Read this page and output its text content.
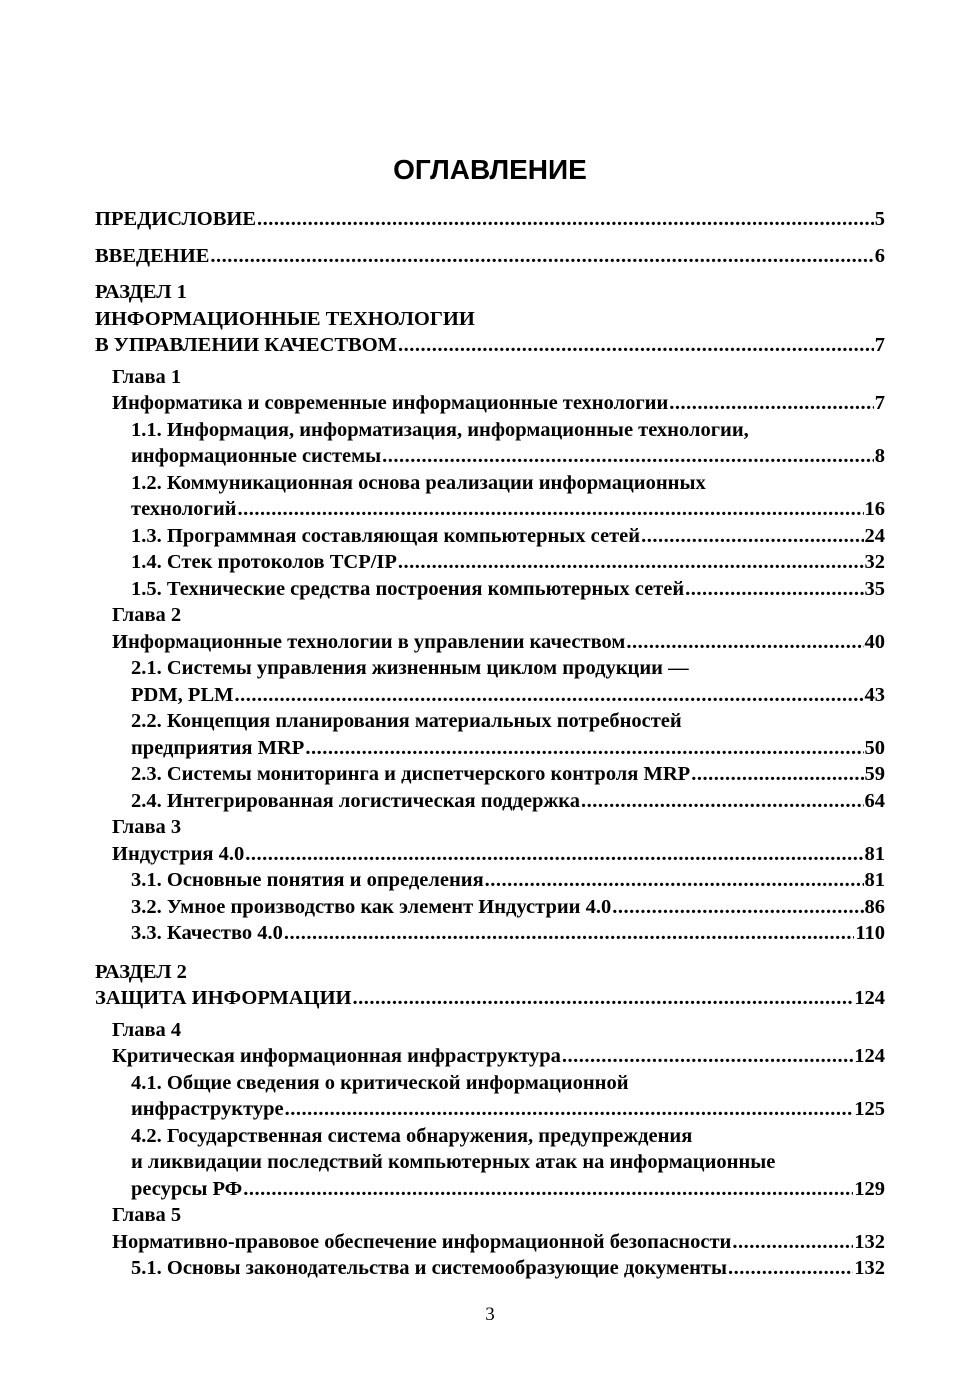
ОГЛАВЛЕНИЕ
ПРЕДИСЛОВИЕ .....	5
ВВЕДЕНИЕ .....	6
РАЗДЕЛ 1
ИНФОРМАЦИОННЫЕ ТЕХНОЛОГИИ
В УПРАВЛЕНИИ КАЧЕСТВОМ .....	7
Глава 1
Информатика и современные информационные технологии .....	7
1.1. Информация, информатизация, информационные технологии,
информационные системы .....	8
1.2. Коммуникационная основа реализации информационных
технологий .....	16
1.3. Программная составляющая компьютерных сетей .....	24
1.4. Стек протоколов TCP/IP .....	32
1.5. Технические средства построения компьютерных сетей .....	35
Глава 2
Информационные технологии в управлении качеством .....	40
2.1. Системы управления жизненным циклом продукции —
PDM, PLM .....	43
2.2. Концепция планирования материальных потребностей
предприятия MRP .....	50
2.3. Системы мониторинга и диспетчерского контроля MRP .....	59
2.4. Интегрированная логистическая поддержка .....	64
Глава 3
Индустрия 4.0 .....	81
3.1. Основные понятия и определения .....	81
3.2. Умное производство как элемент Индустрии 4.0 .....	86
3.3. Качество 4.0 .....	110
РАЗДЕЛ 2
ЗАЩИТА ИНФОРМАЦИИ .....	124
Глава 4
Критическая информационная инфраструктура .....	124
4.1. Общие сведения о критической информационной
инфраструктуре .....	125
4.2. Государственная система обнаружения, предупреждения
и ликвидации последствий компьютерных атак на информационные
ресурсы РФ .....	129
Глава 5
Нормативно-правовое обеспечение информационной безопасности .....	132
5.1. Основы законодательства и системообразующие документы .....	132
3
